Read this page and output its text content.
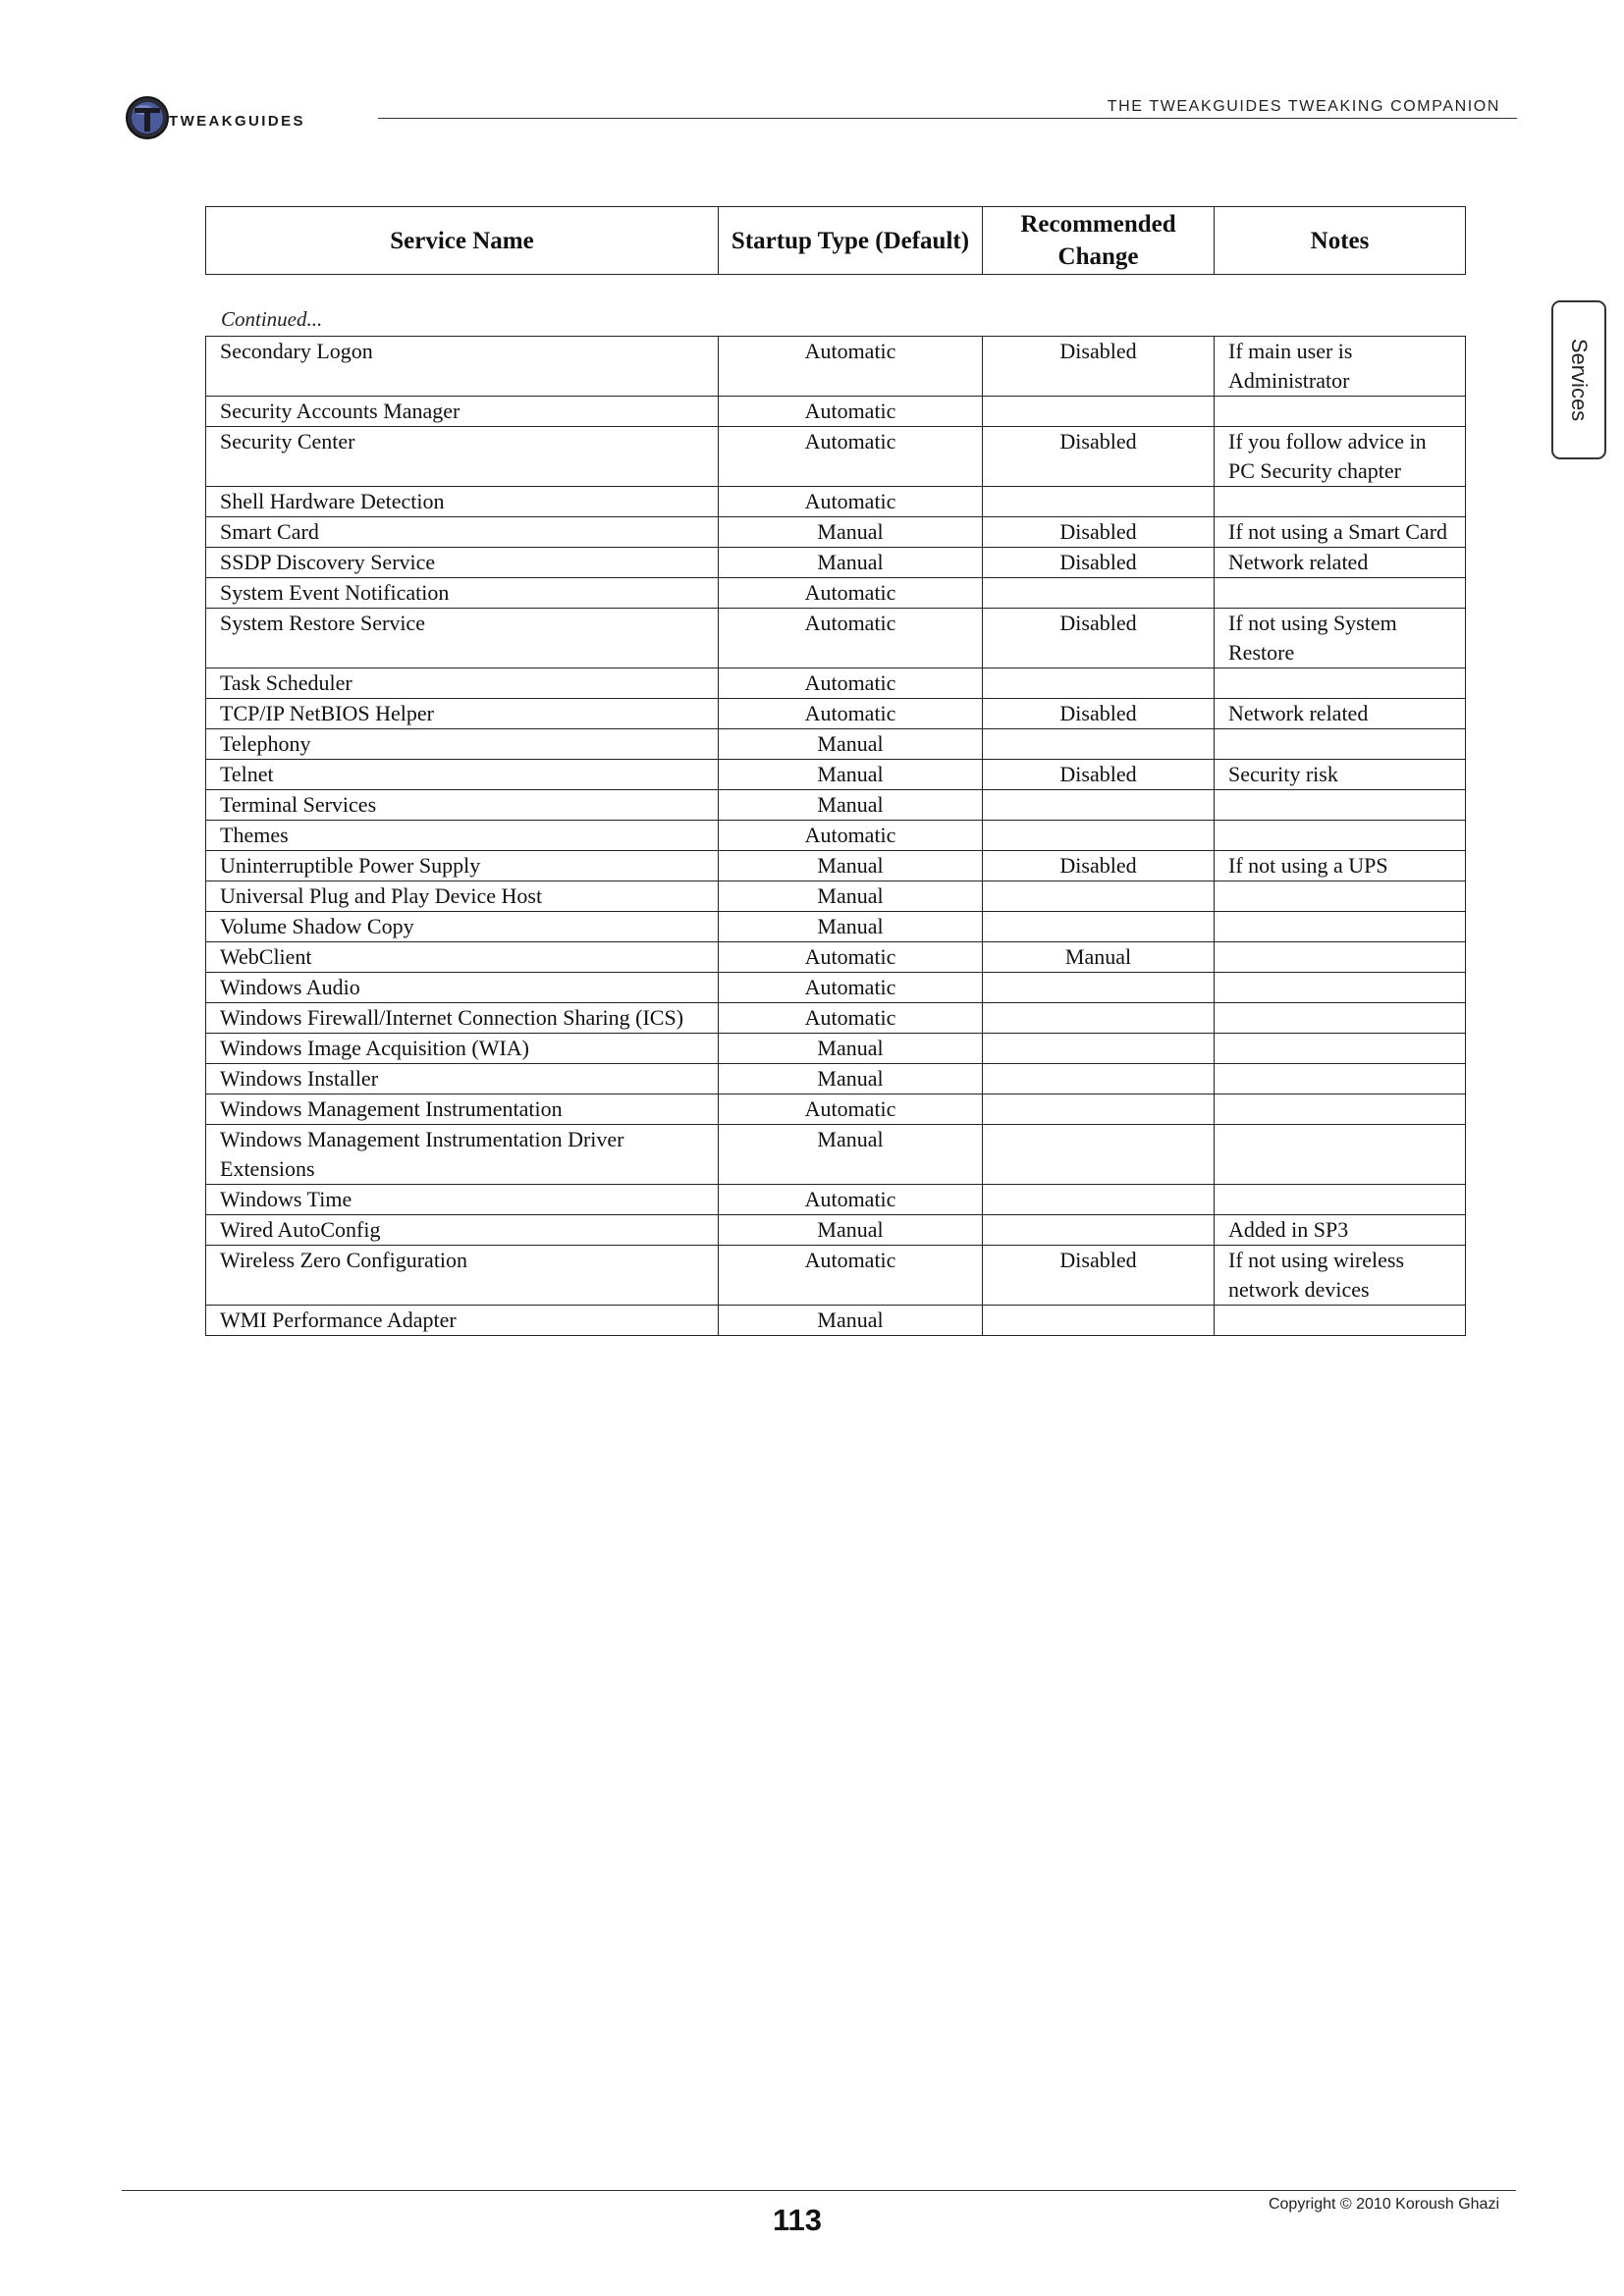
TWEAKGUIDES
THE TWEAKGUIDES TWEAKING COMPANION
Services
Service Name	Startup Type (Default)	Recommended Change	Notes
Continued...
Secondary Logon	Automatic	Disabled	If main user is Administrator
Security Accounts Manager	Automatic		
Security Center	Automatic	Disabled	If you follow advice in PC Security chapter
Shell Hardware Detection	Automatic		
Smart Card	Manual	Disabled	If not using a Smart Card
SSDP Discovery Service	Manual	Disabled	Network related
System Event Notification	Automatic		
System Restore Service	Automatic	Disabled	If not using System Restore
Task Scheduler	Automatic		
TCP/IP NetBIOS Helper	Automatic	Disabled	Network related
Telephony	Manual		
Telnet	Manual	Disabled	Security risk
Terminal Services	Manual		
Themes	Automatic		
Uninterruptible Power Supply	Manual	Disabled	If not using a UPS
Universal Plug and Play Device Host	Manual		
Volume Shadow Copy	Manual		
WebClient	Automatic	Manual	
Windows Audio	Automatic		
Windows Firewall/Internet Connection Sharing (ICS)	Automatic		
Windows Image Acquisition (WIA)	Manual		
Windows Installer	Manual		
Windows Management Instrumentation	Automatic		
Windows Management Instrumentation Driver Extensions	Manual		
Windows Time	Automatic		
Wired AutoConfig	Manual		Added in SP3
Wireless Zero Configuration	Automatic	Disabled	If not using wireless network devices
WMI Performance Adapter	Manual		
Copyright © 2010 Koroush Ghazi
113
